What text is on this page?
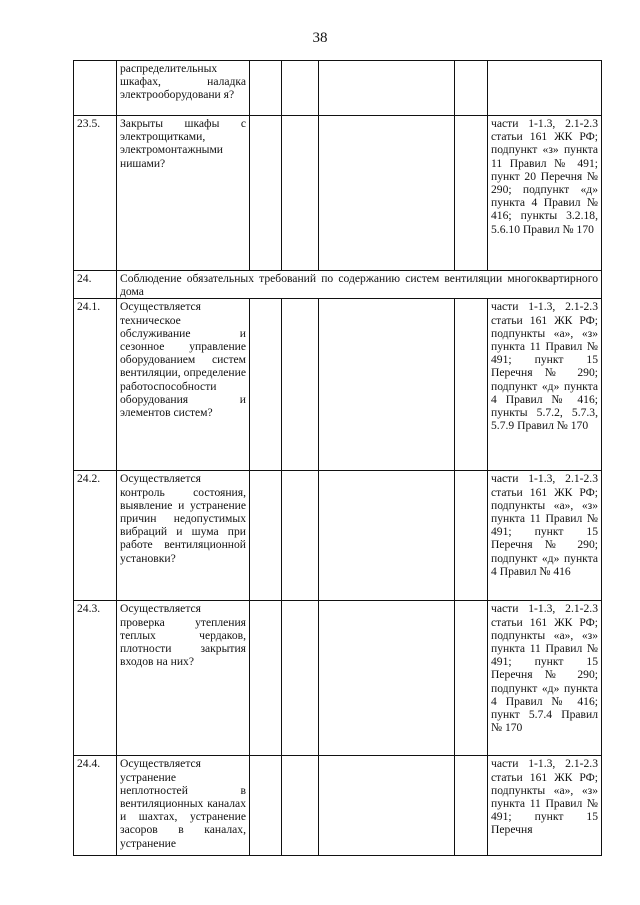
38
	распределительных шкафах, наладка электрооборудовани я?					
23.5.	Закрыты шкафы с электрощитками, электромонтажными нишами?					части 1-1.3, 2.1-2.3 статьи 161 ЖК РФ; подпункт «з» пункта 11 Правил № 491; пункт 20 Перечня № 290; подпункт «д» пункта 4 Правил № 416; пункты 3.2.18, 5.6.10 Правил № 170
24.	Соблюдение обязательных требований по содержанию систем вентиляции многоквартирного дома					
24.1.	Осуществляется техническое обслуживание и сезонное управление оборудованием систем вентиляции, определение работоспособности оборудования и элементов систем?					части 1-1.3, 2.1-2.3 статьи 161 ЖК РФ; подпункты «а», «з» пункта 11 Правил № 491; пункт 15 Перечня № 290; подпункт «д» пункта 4 Правил № 416; пункты 5.7.2, 5.7.3, 5.7.9 Правил № 170
24.2.	Осуществляется контроль состояния, выявление и устранение причин недопустимых вибраций и шума при работе вентиляционной установки?					части 1-1.3, 2.1-2.3 статьи 161 ЖК РФ; подпункты «а», «з» пункта 11 Правил № 491; пункт 15 Перечня № 290; подпункт «д» пункта 4 Правил № 416
24.3.	Осуществляется проверка утепления теплых чердаков, плотности закрытия входов на них?					части 1-1.3, 2.1-2.3 статьи 161 ЖК РФ; подпункты «а», «з» пункта 11 Правил № 491; пункт 15 Перечня № 290; подпункт «д» пункта 4 Правил № 416; пункт 5.7.4 Правил № 170
24.4.	Осуществляется устранение неплотностей в вентиляционных каналах и шахтах, устранение засоров в каналах, устранение					части 1-1.3, 2.1-2.3 статьи 161 ЖК РФ; подпункты «а», «з» пункта 11 Правил № 491; пункт 15 Перечня
